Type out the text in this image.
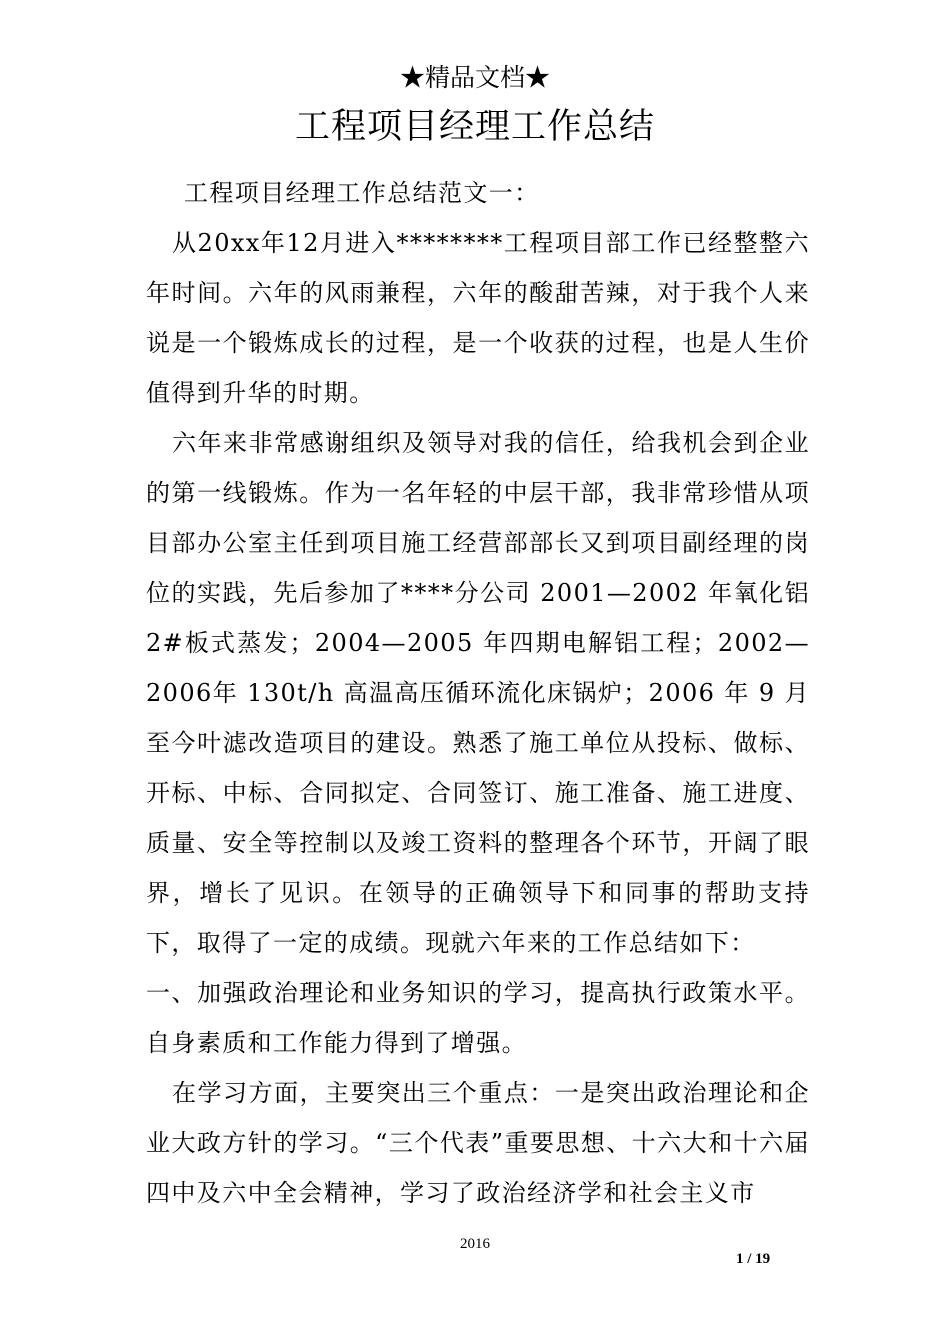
★精品文档★
工程项目经理工作总结

工程项目经理工作总结范文一：

从20xx年12月进入********工程项目部工作已经整整六年时间。六年的风雨兼程，六年的酸甜苦辣，对于我个人来说是一个锻炼成长的过程，是一个收获的过程，也是人生价值得到升华的时期。

六年来非常感谢组织及领导对我的信任，给我机会到企业的第一线锻炼。作为一名年轻的中层干部，我非常珍惜从项目部办公室主任到项目施工经营部部长又到项目副经理的岗位的实践，先后参加了****分公司 2001—2002 年氧化铝2#板式蒸发；2004—2005 年四期电解铝工程；2002—2006年 130t/h 高温高压循环流化床锅炉；2006 年 9 月至今叶滤改造项目的建设。熟悉了施工单位从投标、做标、开标、中标、合同拟定、合同签订、施工准备、施工进度、质量、安全等控制以及竣工资料的整理各个环节，开阔了眼界，增长了见识。在领导的正确领导下和同事的帮助支持下，取得了一定的成绩。现就六年来的工作总结如下：

一、加强政治理论和业务知识的学习，提高执行政策水平。自身素质和工作能力得到了增强。

在学习方面，主要突出三个重点：一是突出政治理论和企业大政方针的学习。“三个代表”重要思想、十六大和十六届四中及六中全会精神，学习了政治经济学和社会主义市

2016
1 / 19
